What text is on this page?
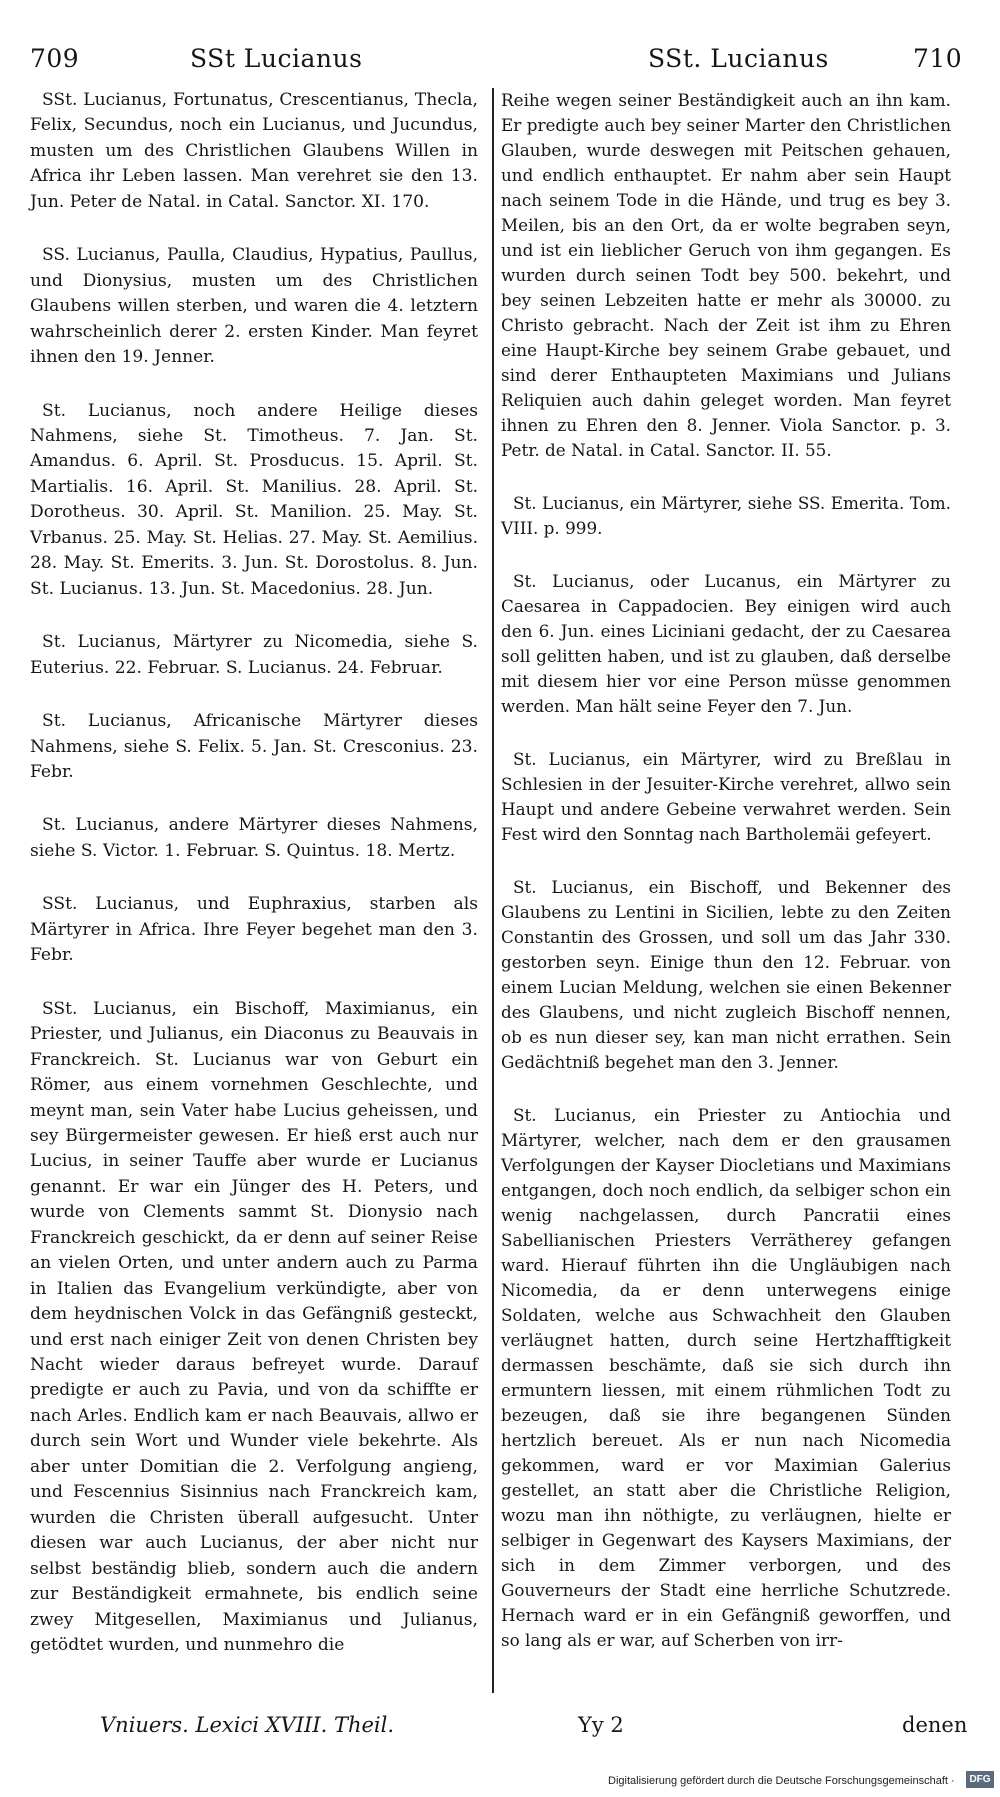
709	SSt Lucianus	SSt. Lucianus	710

SSt. Lucianus, Fortunatus, Crescentianus, Thecla, Felix, Secundus, noch ein Lucianus, und Jucundus, musten um des Christlichen Glaubens Willen in Africa ihr Leben lassen. Man verehret sie den 13. Jun. Peter de Natal. in Catal. Sanctor. XI. 170.

SS. Lucianus, Paulla, Claudius, Hypatius, Paullus, und Dionysius, musten um des Christlichen Glaubens willen sterben, und waren die 4. letztern wahrscheinlich derer 2. ersten Kinder. Man feyret ihnen den 19. Jenner.

St. Lucianus, noch andere Heilige dieses Nahmens, siehe St. Timotheus. 7. Jan. St. Amandus. 6. April. St. Prosducus. 15. April. St. Martialis. 16. April. St. Manilius. 28. April. St. Dorotheus. 30. April. St. Manilion. 25. May. St. Vrbanus. 25. May. St. Helias. 27. May. St. Aemilius. 28. May. St. Emerits. 3. Jun. St. Dorostolus. 8. Jun. St. Lucianus. 13. Jun. St. Macedonius. 28. Jun.

St. Lucianus, Märtyrer zu Nicomedia, siehe S. Euterius. 22. Februar. S. Lucianus. 24. Februar.

St. Lucianus, Africanische Märtyrer dieses Nahmens, siehe S. Felix. 5. Jan. St. Cresconius. 23. Febr.

St. Lucianus, andere Märtyrer dieses Nahmens, siehe S. Victor. 1. Februar. S. Quintus. 18. Mertz.

SSt. Lucianus, und Euphraxius, starben als Märtyrer in Africa. Ihre Feyer begehet man den 3. Febr.

SSt. Lucianus, ein Bischoff, Maximianus, ein Priester, und Julianus, ein Diaconus zu Beauvais in Franckreich. St. Lucianus war von Geburt ein Römer, aus einem vornehmen Geschlechte, und meynt man, sein Vater habe Lucius geheissen, und sey Bürgermeister gewesen. Er hieß erst auch nur Lucius, in seiner Tauffe aber wurde er Lucianus genannt. Er war ein Jünger des H. Peters, und wurde von Clements sammt St. Dionysio nach Franckreich geschickt, da er denn auf seiner Reise an vielen Orten, und unter andern auch zu Parma in Italien das Evangelium verkündigte, aber von dem heydnischen Volck in das Gefängniß gesteckt, und erst nach einiger Zeit von denen Christen bey Nacht wieder daraus befreyet wurde. Darauf predigte er auch zu Pavia, und von da schiffte er nach Arles. Endlich kam er nach Beauvais, allwo er durch sein Wort und Wunder viele bekehrte. Als aber unter Domitian die 2. Verfolgung angieng, und Fescennius Sisinnius nach Franckreich kam, wurden die Christen überall aufgesucht. Unter diesen war auch Lucianus, der aber nicht nur selbst beständig blieb, sondern auch die andern zur Beständigkeit ermahnete, bis endlich seine zwey Mitgesellen, Maximianus und Julianus, getödtet wurden, und nunmehro die

Reihe wegen seiner Beständigkeit auch an ihn kam. Er predigte auch bey seiner Marter den Christlichen Glauben, wurde deswegen mit Peitschen gehauen, und endlich enthauptet. Er nahm aber sein Haupt nach seinem Tode in die Hände, und trug es bey 3. Meilen, bis an den Ort, da er wolte begraben seyn, und ist ein lieblicher Geruch von ihm gegangen. Es wurden durch seinen Todt bey 500. bekehrt, und bey seinen Lebzeiten hatte er mehr als 30000. zu Christo gebracht. Nach der Zeit ist ihm zu Ehren eine Haupt-Kirche bey seinem Grabe gebauet, und sind derer Enthaupteten Maximians und Julians Reliquien auch dahin geleget worden. Man feyret ihnen zu Ehren den 8. Jenner. Viola Sanctor. p. 3. Petr. de Natal. in Catal. Sanctor. II. 55.

St. Lucianus, ein Märtyrer, siehe SS. Emerita. Tom. VIII. p. 999.

St. Lucianus, oder Lucanus, ein Märtyrer zu Caesarea in Cappadocien. Bey einigen wird auch den 6. Jun. eines Liciniani gedacht, der zu Caesarea soll gelitten haben, und ist zu glauben, daß derselbe mit diesem hier vor eine Person müsse genommen werden. Man hält seine Feyer den 7. Jun.

St. Lucianus, ein Märtyrer, wird zu Breßlau in Schlesien in der Jesuiter-Kirche verehret, allwo sein Haupt und andere Gebeine verwahret werden. Sein Fest wird den Sonntag nach Bartholemäi gefeyert.

St. Lucianus, ein Bischoff, und Bekenner des Glaubens zu Lentini in Sicilien, lebte zu den Zeiten Constantin des Grossen, und soll um das Jahr 330. gestorben seyn. Einige thun den 12. Februar. von einem Lucian Meldung, welchen sie einen Bekenner des Glaubens, und nicht zugleich Bischoff nennen, ob es nun dieser sey, kan man nicht errathen. Sein Gedächtniß begehet man den 3. Jenner.

St. Lucianus, ein Priester zu Antiochia und Märtyrer, welcher, nach dem er den grausamen Verfolgungen der Kayser Diocletians und Maximians entgangen, doch noch endlich, da selbiger schon ein wenig nachgelassen, durch Pancratii eines Sabellianischen Priesters Verrätherey gefangen ward. Hierauf führten ihn die Ungläubigen nach Nicomedia, da er denn unterwegens einige Soldaten, welche aus Schwachheit den Glauben verläugnet hatten, durch seine Hertzhafftigkeit dermassen beschämte, daß sie sich durch ihn ermuntern liessen, mit einem rühmlichen Todt zu bezeugen, daß sie ihre begangenen Sünden hertzlich bereuet. Als er nun nach Nicomedia gekommen, ward er vor Maximian Galerius gestellet, an statt aber die Christliche Religion, wozu man ihn nöthigte, zu verläugnen, hielte er selbiger in Gegenwart des Kaysers Maximians, der sich in dem Zimmer verborgen, und des Gouverneurs der Stadt eine herrliche Schutzrede. Hernach ward er in ein Gefängniß geworffen, und so lang als er war, auf Scherben von irr-

Vniuers. Lexici XVIII. Theil.	Yy 2	denen
Digitalisierung gefördert durch die Deutsche Forschungsgemeinschaft ·	DFG
